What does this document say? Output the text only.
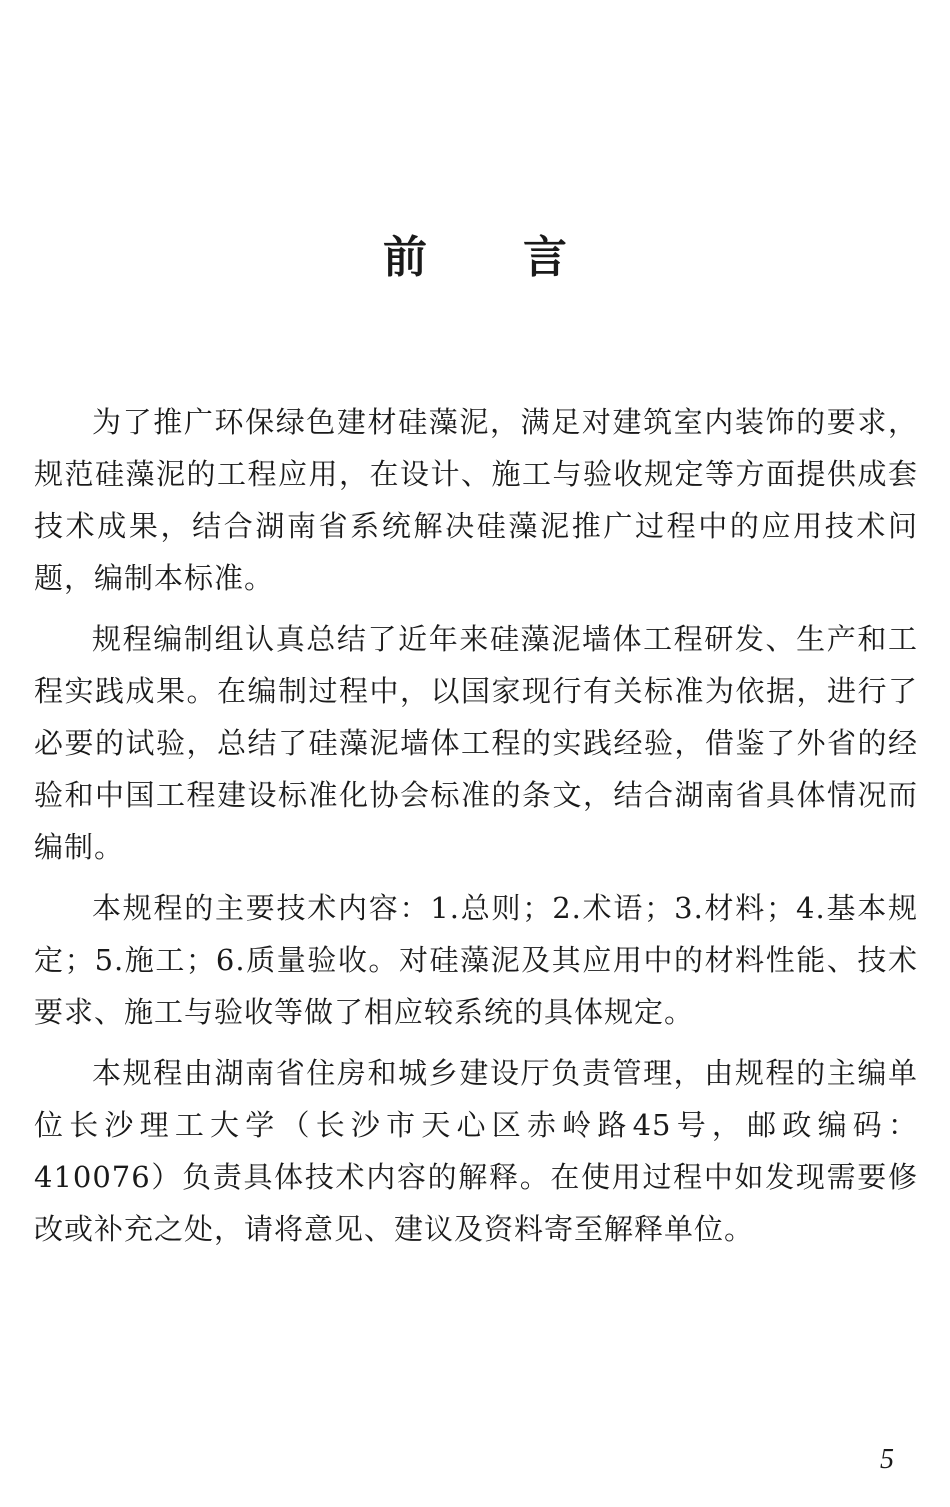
前言

为了推广环保绿色建材硅藻泥，满足对建筑室内装饰的要求，规范硅藻泥的工程应用，在设计、施工与验收规定等方面提供成套技术成果，结合湖南省系统解决硅藻泥推广过程中的应用技术问题，编制本标准。

规程编制组认真总结了近年来硅藻泥墙体工程研发、生产和工程实践成果。在编制过程中，以国家现行有关标准为依据，进行了必要的试验，总结了硅藻泥墙体工程的实践经验，借鉴了外省的经验和中国工程建设标准化协会标准的条文，结合湖南省具体情况而编制。

本规程的主要技术内容：1.总则；2.术语；3.材料；4.基本规定；5.施工；6.质量验收。对硅藻泥及其应用中的材料性能、技术要求、施工与验收等做了相应较系统的具体规定。

本规程由湖南省住房和城乡建设厅负责管理，由规程的主编单位长沙理工大学（长沙市天心区赤岭路45号，邮政编码：410076）负责具体技术内容的解释。在使用过程中如发现需要修改或补充之处，请将意见、建议及资料寄至解释单位。

5
